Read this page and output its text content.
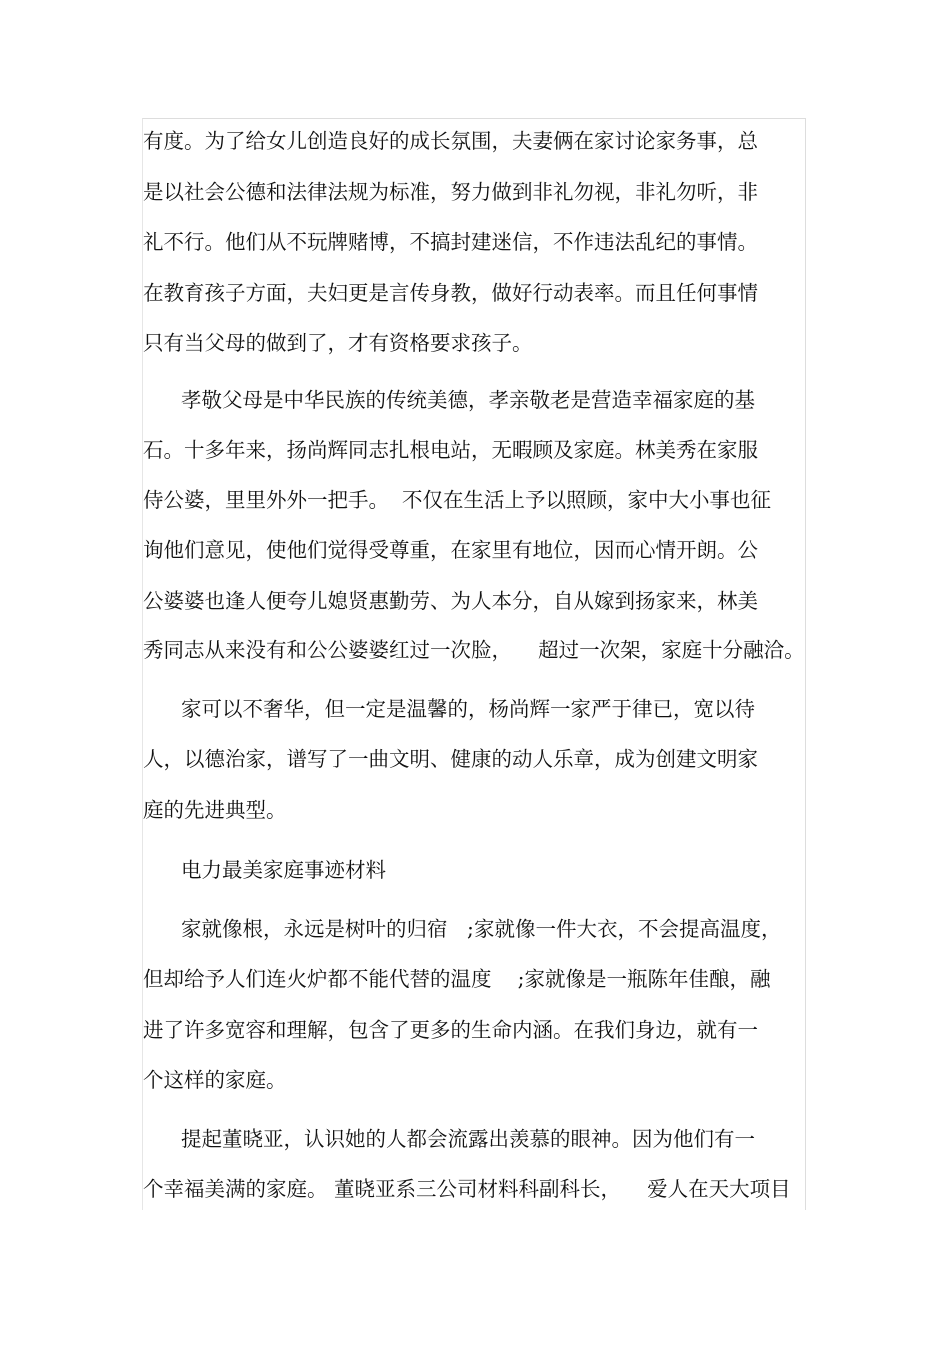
有度。为了给女儿创造良好的成长氛围，夫妻俩在家讨论家务事，总
是以社会公德和法律法规为标准，努力做到非礼勿视，非礼勿听，非
礼不行。他们从不玩牌赌博，不搞封建迷信，不作违法乱纪的事情。
在教育孩子方面，夫妇更是言传身教，做好行动表率。而且任何事情
只有当父母的做到了，才有资格要求孩子。
孝敬父母是中华民族的传统美德，孝亲敬老是营造幸福家庭的基
石。十多年来，扬尚辉同志扎根电站，无暇顾及家庭。林美秀在家服
侍公婆，里里外外一把手。  不仅在生活上予以照顾，家中大小事也征
询他们意见，使他们觉得受尊重，在家里有地位，因而心情开朗。公
公婆婆也逢人便夸儿媳贤惠勤劳、为人本分，自从嫁到扬家来，林美
秀同志从来没有和公公婆婆红过一次脸，    超过一次架，家庭十分融洽。
家可以不奢华，但一定是温馨的，杨尚辉一家严于律已，宽以待
人，以德治家，谱写了一曲文明、健康的动人乐章，成为创建文明家
庭的先进典型。
电力最美家庭事迹材料
家就像根，永远是树叶的归宿   ;家就像一件大衣，不会提高温度，
但却给予人们连火炉都不能代替的温度    ;家就像是一瓶陈年佳酿，融
进了许多宽容和理解，包含了更多的生命内涵。在我们身边，就有一
个这样的家庭。
提起董晓亚，认识她的人都会流露出羡慕的眼神。因为他们有一
个幸福美满的家庭。 董晓亚系三公司材料科副科长，    爱人在天大项目
